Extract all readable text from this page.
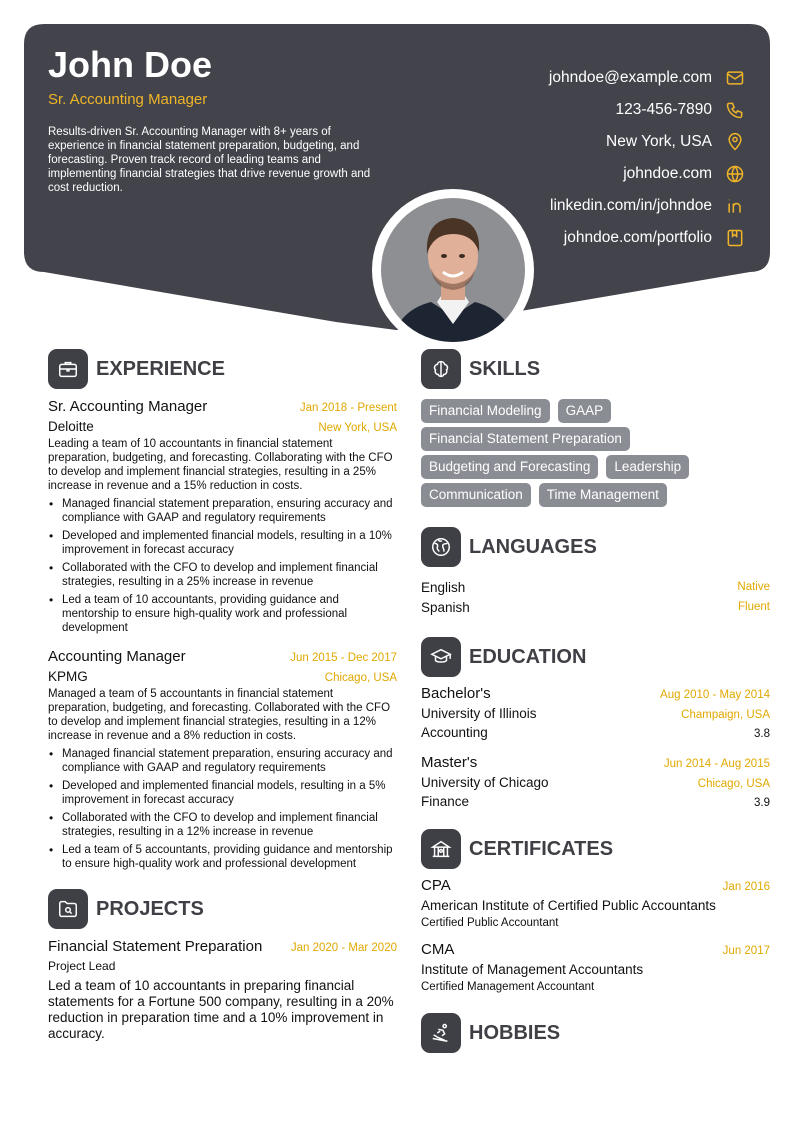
John Doe
Sr. Accounting Manager
Results-driven Sr. Accounting Manager with 8+ years of experience in financial statement preparation, budgeting, and forecasting. Proven track record of leading teams and implementing financial strategies that drive revenue growth and cost reduction.
johndoe@example.com
123-456-7890
New York, USA
johndoe.com
linkedin.com/in/johndoe
johndoe.com/portfolio
EXPERIENCE
Sr. Accounting Manager	Jan 2018 - Present
Deloitte	New York, USA
Leading a team of 10 accountants in financial statement preparation, budgeting, and forecasting. Collaborating with the CFO to develop and implement financial strategies, resulting in a 25% increase in revenue and a 15% reduction in costs.
• Managed financial statement preparation, ensuring accuracy and compliance with GAAP and regulatory requirements
• Developed and implemented financial models, resulting in a 10% improvement in forecast accuracy
• Collaborated with the CFO to develop and implement financial strategies, resulting in a 25% increase in revenue
• Led a team of 10 accountants, providing guidance and mentorship to ensure high-quality work and professional development
Accounting Manager	Jun 2015 - Dec 2017
KPMG	Chicago, USA
Managed a team of 5 accountants in financial statement preparation, budgeting, and forecasting. Collaborated with the CFO to develop and implement financial strategies, resulting in a 12% increase in revenue and a 8% reduction in costs.
• Managed financial statement preparation, ensuring accuracy and compliance with GAAP and regulatory requirements
• Developed and implemented financial models, resulting in a 5% improvement in forecast accuracy
• Collaborated with the CFO to develop and implement financial strategies, resulting in a 12% increase in revenue
• Led a team of 5 accountants, providing guidance and mentorship to ensure high-quality work and professional development
PROJECTS
Financial Statement Preparation Jan 2020 - Mar 2020
Project Lead
Led a team of 10 accountants in preparing financial statements for a Fortune 500 company, resulting in a 20% reduction in preparation time and a 10% improvement in accuracy.
SKILLS
Financial Modeling	GAAP
Financial Statement Preparation
Budgeting and Forecasting	Leadership
Communication	Time Management
LANGUAGES
English	Native
Spanish	Fluent
EDUCATION
Bachelor's	Aug 2010 - May 2014
University of Illinois	Champaign, USA
Accounting	3.8
Master's	Jun 2014 - Aug 2015
University of Chicago	Chicago, USA
Finance	3.9
CERTIFICATES
CPA	Jan 2016
American Institute of Certified Public Accountants
Certified Public Accountant
CMA	Jun 2017
Institute of Management Accountants
Certified Management Accountant
HOBBIES
